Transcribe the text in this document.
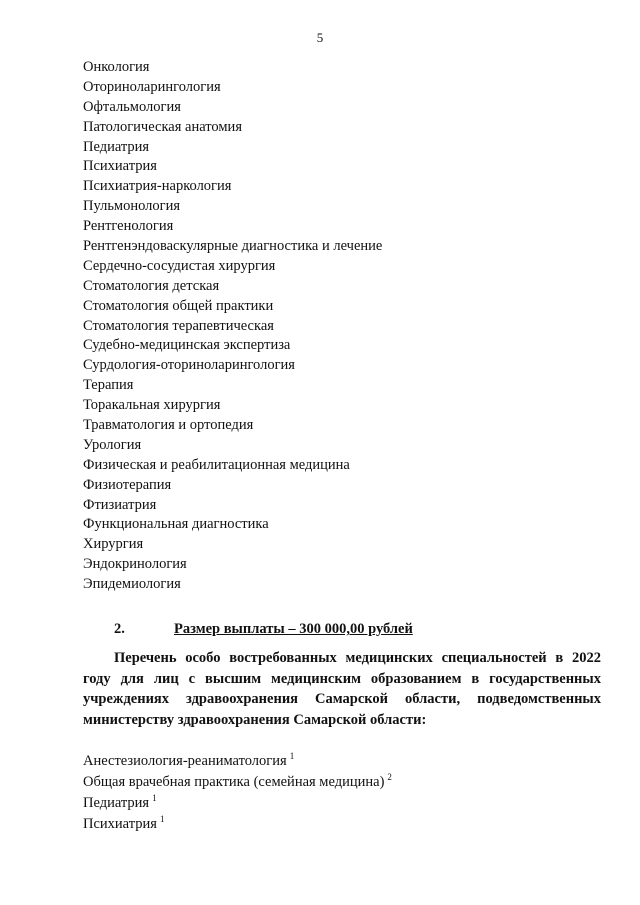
5
Онкология
Оториноларингология
Офтальмология
Патологическая анатомия
Педиатрия
Психиатрия
Психиатрия-наркология
Пульмонология
Рентгенология
Рентгенэндоваскулярные диагностика и лечение
Сердечно-сосудистая хирургия
Стоматология детская
Стоматология общей практики
Стоматология терапевтическая
Судебно-медицинская экспертиза
Сурдология-оториноларингология
Терапия
Торакальная хирургия
Травматология и ортопедия
Урология
Физическая и реабилитационная медицина
Физиотерапия
Фтизиатрия
Функциональная диагностика
Хирургия
Эндокринология
Эпидемиология
2.	Размер выплаты – 300 000,00 рублей

Перечень особо востребованных медицинских специальностей в 2022 году для лиц с высшим медицинским образованием в государственных учреждениях здравоохранения Самарской области, подведомственных министерству здравоохранения Самарской области:

Анестезиология-реаниматология $^1$
Общая врачебная практика (семейная медицина) $^2$
Педиатрия $^1$
Психиатрия $^1$
